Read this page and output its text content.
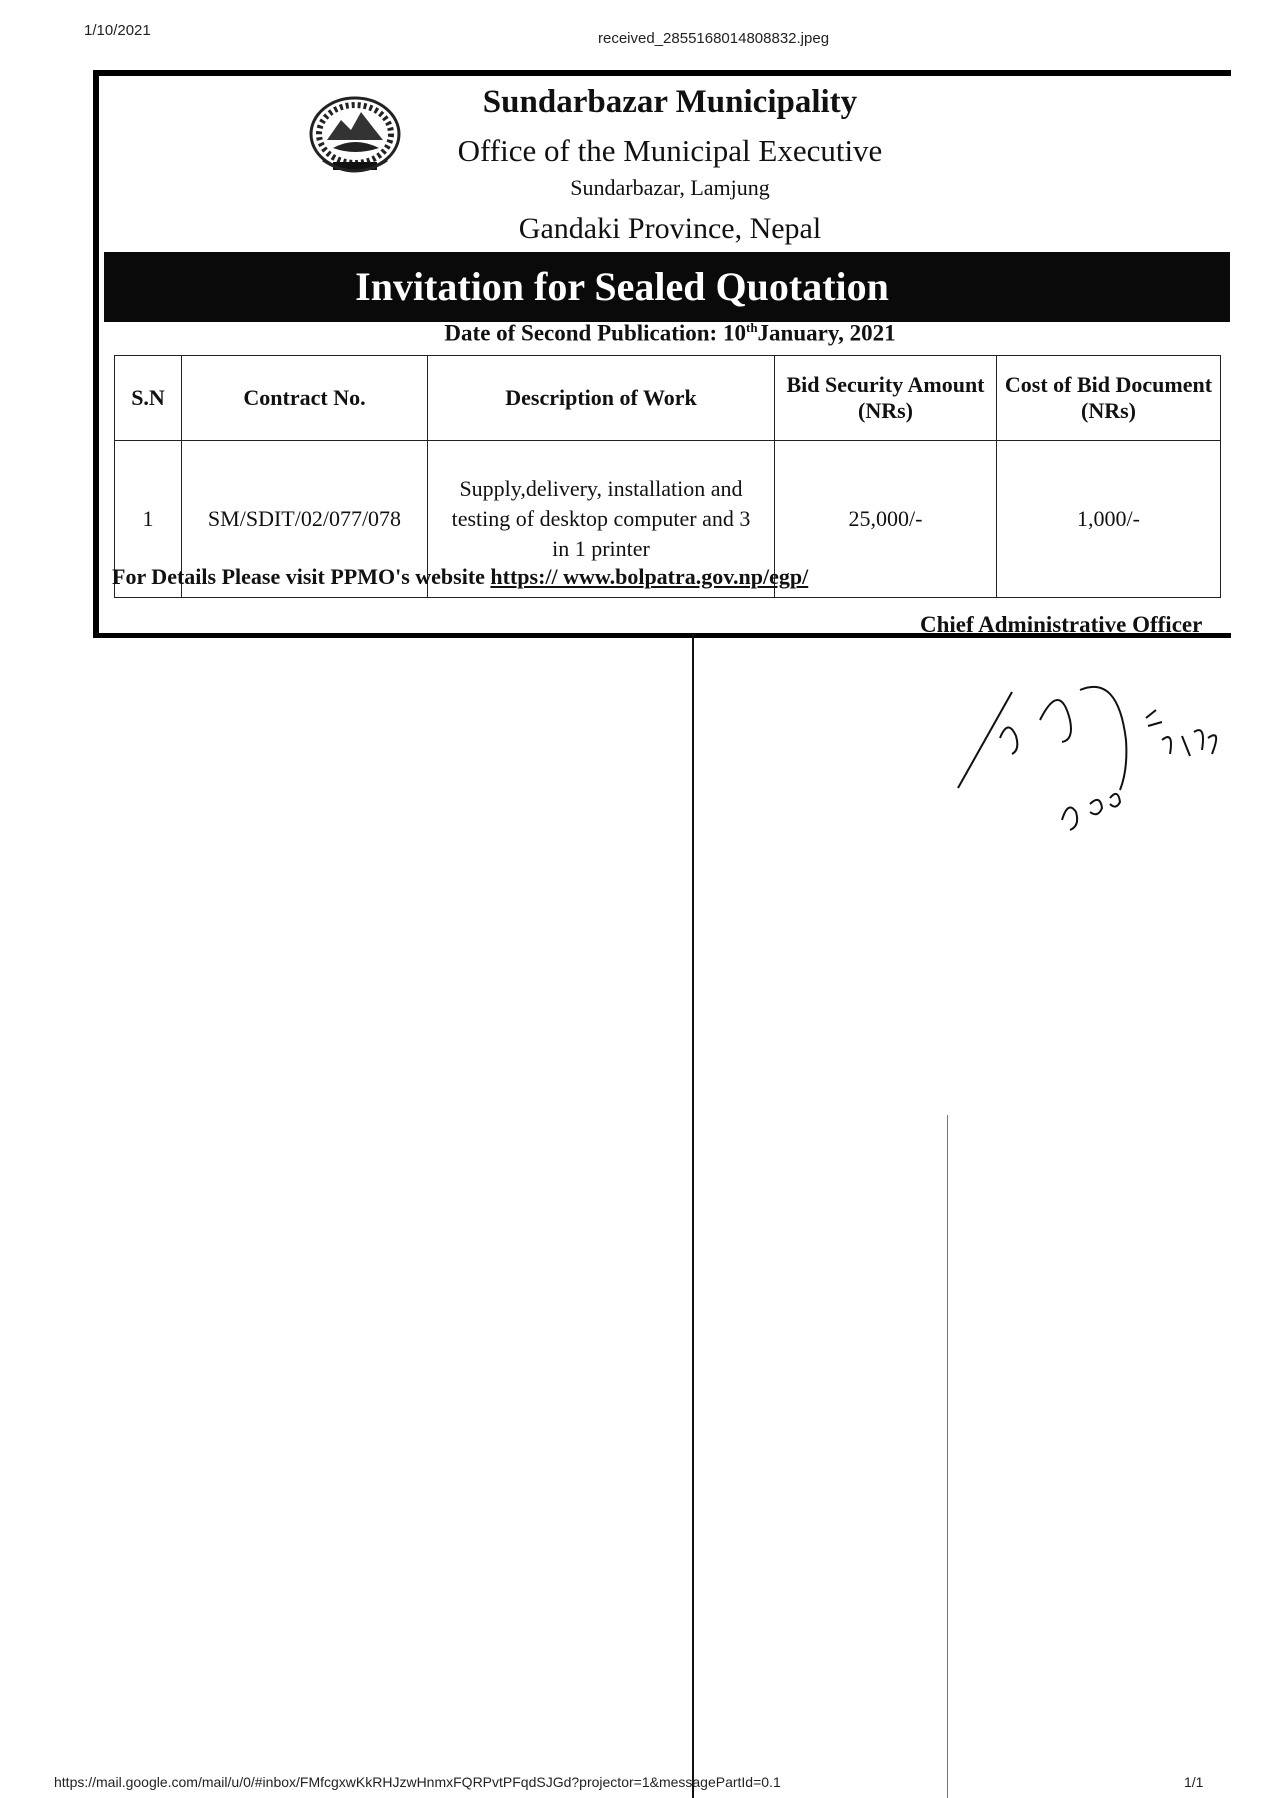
1/10/2021	received_2855168014808832.jpeg
Sundarbazar Municipality
Office of the Municipal Executive
Sundarbazar, Lamjung
Gandaki Province, Nepal
Invitation for Sealed Quotation
Date of Second Publication: 10thJanuary, 2021
S.N	Contract No.	Description of Work	Bid Security Amount (NRs)	Cost of Bid Document (NRs)
1	SM/SDIT/02/077/078	Supply,delivery, installation and testing of desktop computer and 3 in 1 printer	25,000/-	1,000/-
For Details Please visit PPMO's website https:// www.bolpatra.gov.np/egp/
Chief Administrative Officer
https://mail.google.com/mail/u/0/#inbox/FMfcgxwKkRHJzwHnmxFQRPvtPFqdSJGd?projector=1&messagePartId=0.1	1/1
